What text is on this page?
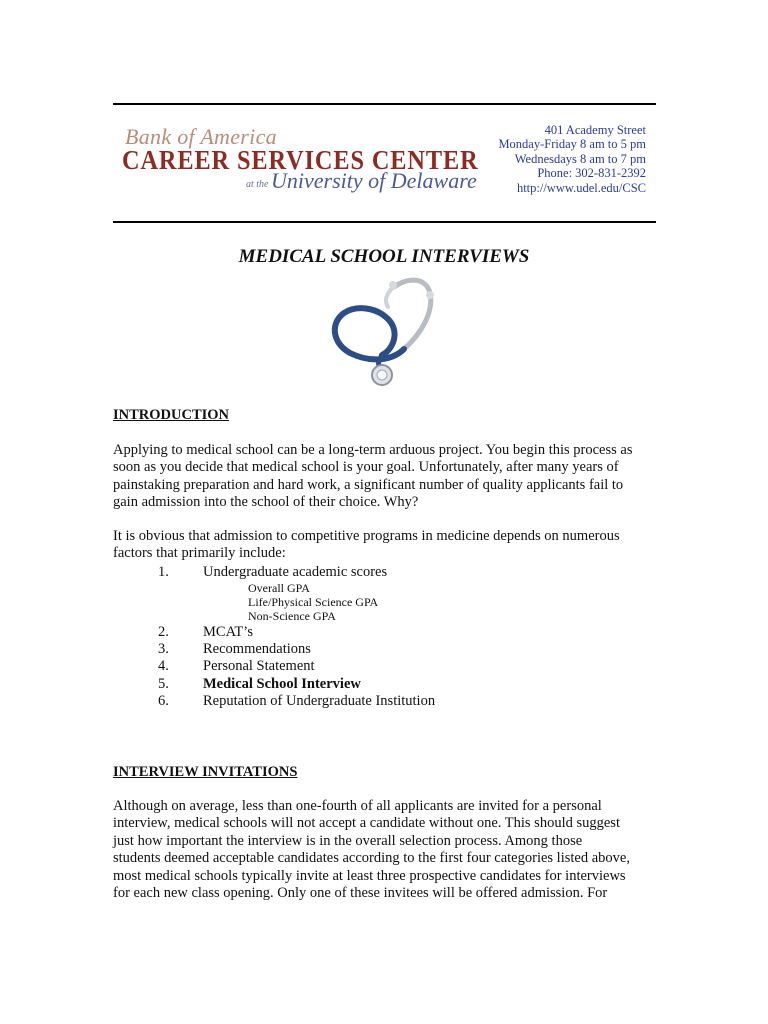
Bank of America
CAREER SERVICES CENTER
at the University of Delaware
401 Academy Street
Monday-Friday 8 am to 5 pm
Wednesdays 8 am to 7 pm
Phone: 302-831-2392
http://www.udel.edu/CSC
MEDICAL SCHOOL INTERVIEWS
INTRODUCTION
Applying to medical school can be a long-term arduous project. You begin this process as
soon as you decide that medical school is your goal. Unfortunately, after many years of
painstaking preparation and hard work, a significant number of quality applicants fail to
gain admission into the school of their choice. Why?
It is obvious that admission to competitive programs in medicine depends on numerous
factors that primarily include:
1. Undergraduate academic scores
Overall GPA
Life/Physical Science GPA
Non-Science GPA
2. MCAT’s
3. Recommendations
4. Personal Statement
5. Medical School Interview
6. Reputation of Undergraduate Institution
INTERVIEW INVITATIONS
Although on average, less than one-fourth of all applicants are invited for a personal
interview, medical schools will not accept a candidate without one. This should suggest
just how important the interview is in the overall selection process. Among those
students deemed acceptable candidates according to the first four categories listed above,
most medical schools typically invite at least three prospective candidates for interviews
for each new class opening. Only one of these invitees will be offered admission. For
